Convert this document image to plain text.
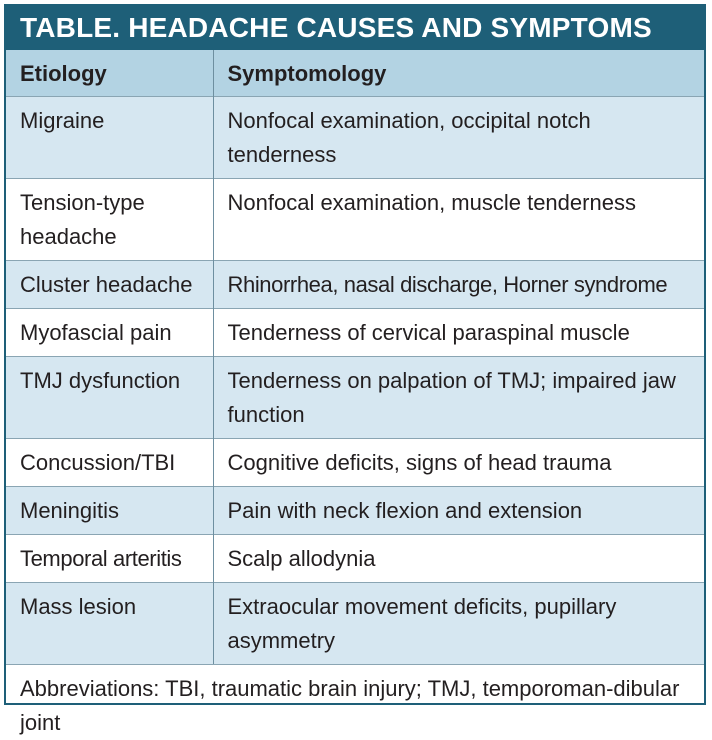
TABLE. HEADACHE CAUSES AND SYMPTOMS
Etiology	Symptomology
Migraine	Nonfocal examination, occipital notch tenderness
Tension-type headache	Nonfocal examination, muscle tenderness
Cluster headache	Rhinorrhea, nasal discharge, Horner syndrome
Myofascial pain	Tenderness of cervical paraspinal muscle
TMJ dysfunction	Tenderness on palpation of TMJ; impaired jaw function
Concussion/TBI	Cognitive deficits, signs of head trauma
Meningitis	Pain with neck flexion and extension
Temporal arteritis	Scalp allodynia
Mass lesion	Extraocular movement deficits, pupillary asymmetry
Abbreviations: TBI, traumatic brain injury; TMJ, temporoman-dibular joint
